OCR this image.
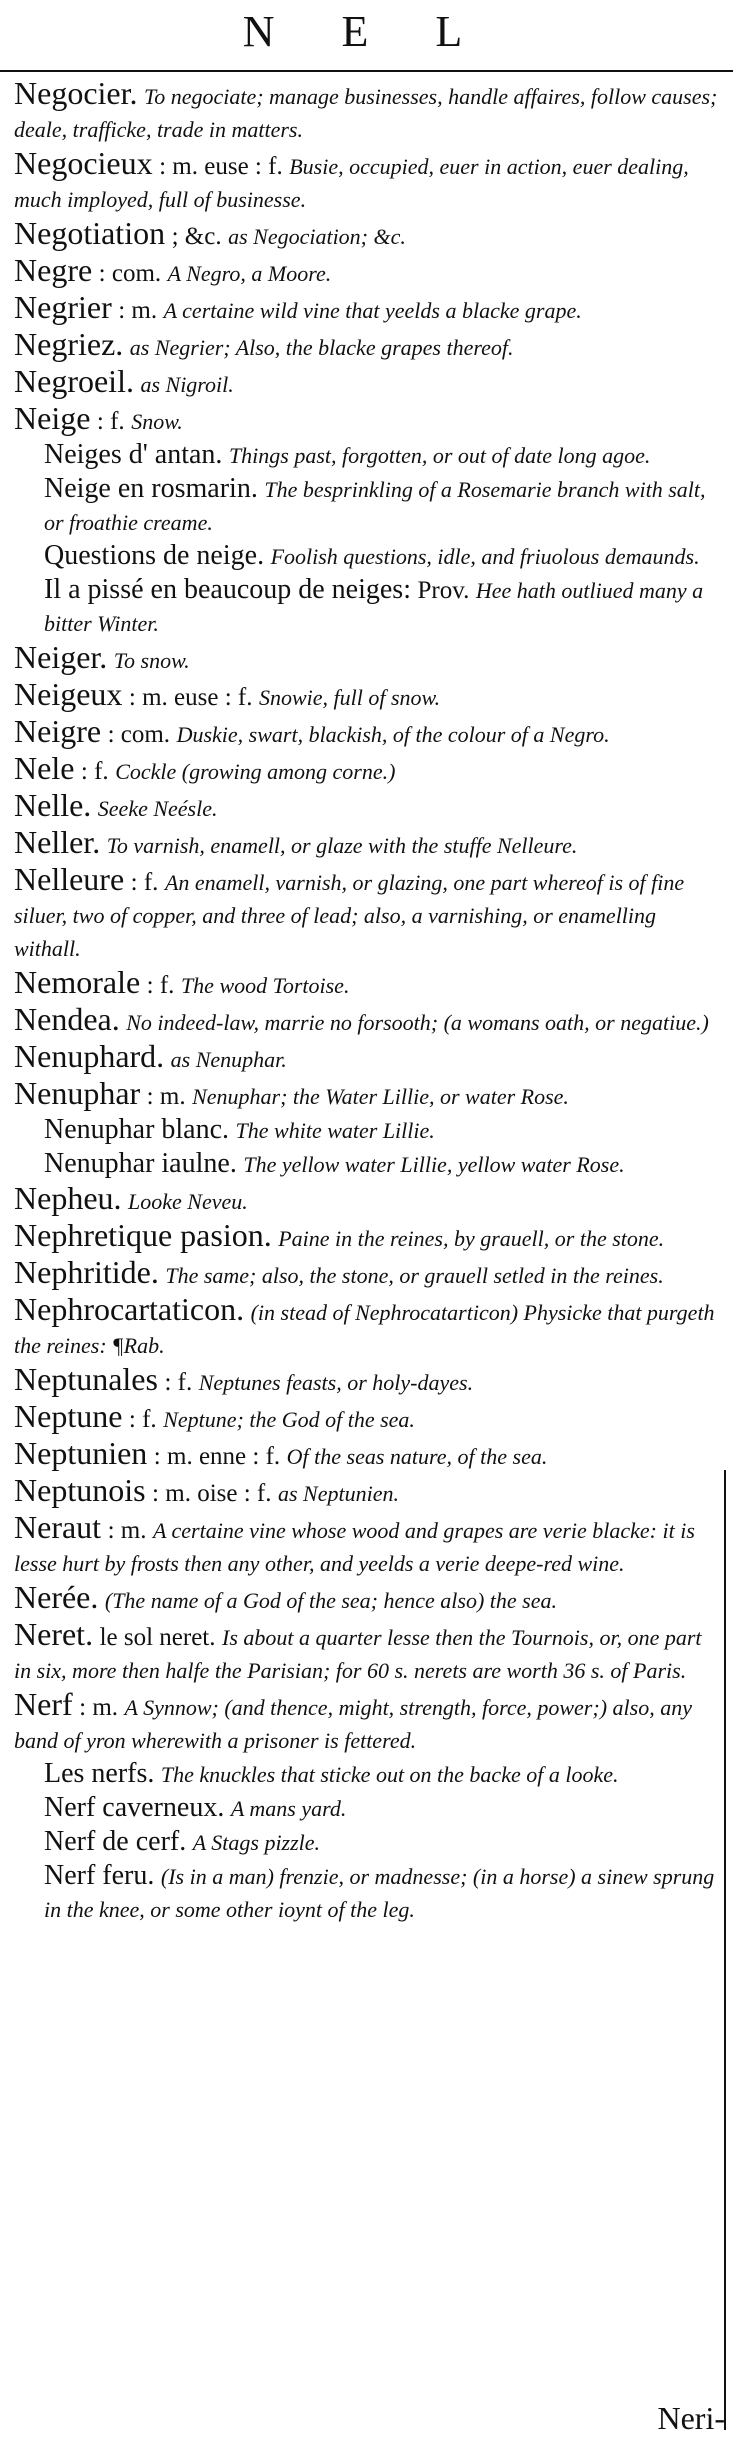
N E L

Negocier. To negociate; manage businesses, handle affaires, follow causes; deale, trafficke, trade in matters.

Negocieux : m. euse : f. Busie, occupied, euer in action, euer dealing, much imployed, full of businesse.

Negotiation ; &c. as Negociation; &c.

Negre : com. A Negro, a Moore.

Negrier : m. A certaine wild vine that yeelds a blacke grape.

Negriez. as Negrier; Also, the blacke grapes thereof.

Negroeil. as Nigroil.

Neige : f. Snow.

Neiges d' antan. Things past, forgotten, or out of date long agoe.

Neige en rosmarin. The besprinkling of a Rosemarie branch with salt, or froathie creame.

Questions de neige. Foolish questions, idle, and friuolous demaunds.

Il a pissé en beaucoup de neiges: Prov. Hee hath outliued many a bitter Winter.

Neiger. To snow.

Neigeux : m. euse : f. Snowie, full of snow.

Neigre : com. Duskie, swart, blackish, of the colour of a Negro.

Nele : f. Cockle (growing among corne.)

Nelle. Seeke Neésle.

Neller. To varnish, enamell, or glaze with the stuffe Nelleure.

Nelleure : f. An enamell, varnish, or glazing, one part whereof is of fine siluer, two of copper, and three of lead; also, a varnishing, or enamelling withall.

Nemorale : f. The wood Tortoise.

Nendea. No indeed-law, marrie no forsooth; (a womans oath, or negatiue.)

Nenuphard. as Nenuphar.

Nenuphar : m. Nenuphar; the Water Lillie, or water Rose.

Nenuphar blanc. The white water Lillie.

Nenuphar iaulne. The yellow water Lillie, yellow water Rose.

Nepheu. Looke Neveu.

Nephretique pasion. Paine in the reines, by grauell, or the stone.

Nephritide. The same; also, the stone, or grauell setled in the reines.

Nephrocartaticon. (in stead of Nephrocatarticon) Physicke that purgeth the reines: ¶Rab.

Neptunales : f. Neptunes feasts, or holy-dayes.

Neptune : f. Neptune; the God of the sea.

Neptunien : m. enne : f. Of the seas nature, of the sea.

Neptunois : m. oise : f. as Neptunien.

Neraut : m. A certaine vine whose wood and grapes are verie blacke: it is lesse hurt by frosts then any other, and yeelds a verie deepe-red wine.

Nerée. (The name of a God of the sea; hence also) the sea.

Neret. le sol neret. Is about a quarter lesse then the Tournois, or, one part in six, more then halfe the Parisian; for 60 s. nerets are worth 36 s. of Paris.

Nerf : m. A Synnow; (and thence, might, strength, force, power;) also, any band of yron wherewith a prisoner is fettered.

Les nerfs. The knuckles that sticke out on the backe of a looke.

Nerf caverneux. A mans yard.

Nerf de cerf. A Stags pizzle.

Nerf feru. (Is in a man) frenzie, or madnesse; (in a horse) a sinew sprung in the knee, or some other ioynt of the leg.

Neri-
